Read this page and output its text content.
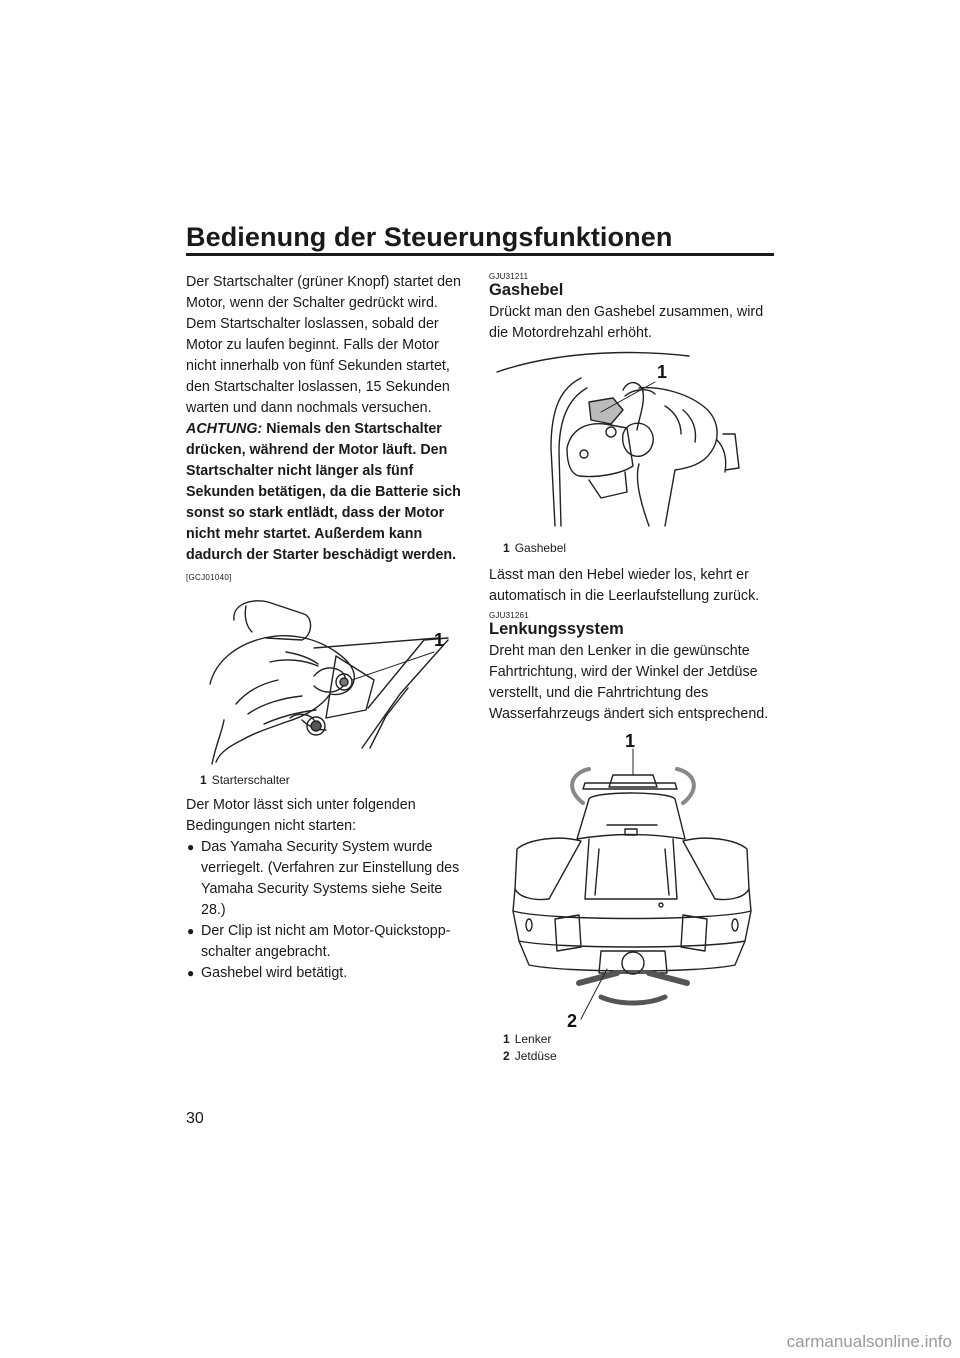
Bedienung der Steuerungsfunktionen

Der Startschalter (grüner Knopf) startet den Motor, wenn der Schalter gedrückt wird.

Dem Startschalter loslassen, sobald der Motor zu laufen beginnt. Falls der Motor nicht innerhalb von fünf Sekunden startet, den Startschalter loslassen, 15 Sekunden warten und dann nochmals versuchen. ACHTUNG: Niemals den Startschalter drücken, während der Motor läuft. Den Startschalter nicht länger als fünf Sekunden betätigen, da die Batterie sich sonst so stark entlädt, dass der Motor nicht mehr startet. Außerdem kann dadurch der Starter beschädigt werden. [GCJ01040]

1

1 Starterschalter

Der Motor lässt sich unter folgenden Bedingungen nicht starten:

● Das Yamaha Security System wurde verriegelt. (Verfahren zur Einstellung des Yamaha Security Systems siehe Seite 28.)
● Der Clip ist nicht am Motor-Quickstopp-schalter angebracht.
● Gashebel wird betätigt.

GJU31211

Gashebel

Drückt man den Gashebel zusammen, wird die Motordrehzahl erhöht.

1

1 Gashebel

Lässt man den Hebel wieder los, kehrt er automatisch in die Leerlaufstellung zurück.

GJU31261

Lenkungssystem

Dreht man den Lenker in die gewünschte Fahrtrichtung, wird der Winkel der Jetdüse verstellt, und die Fahrtrichtung des Wasserfahrzeugs ändert sich entsprechend.

1
2

1 Lenker

2 Jetdüse

30
carmanualsonline.info
